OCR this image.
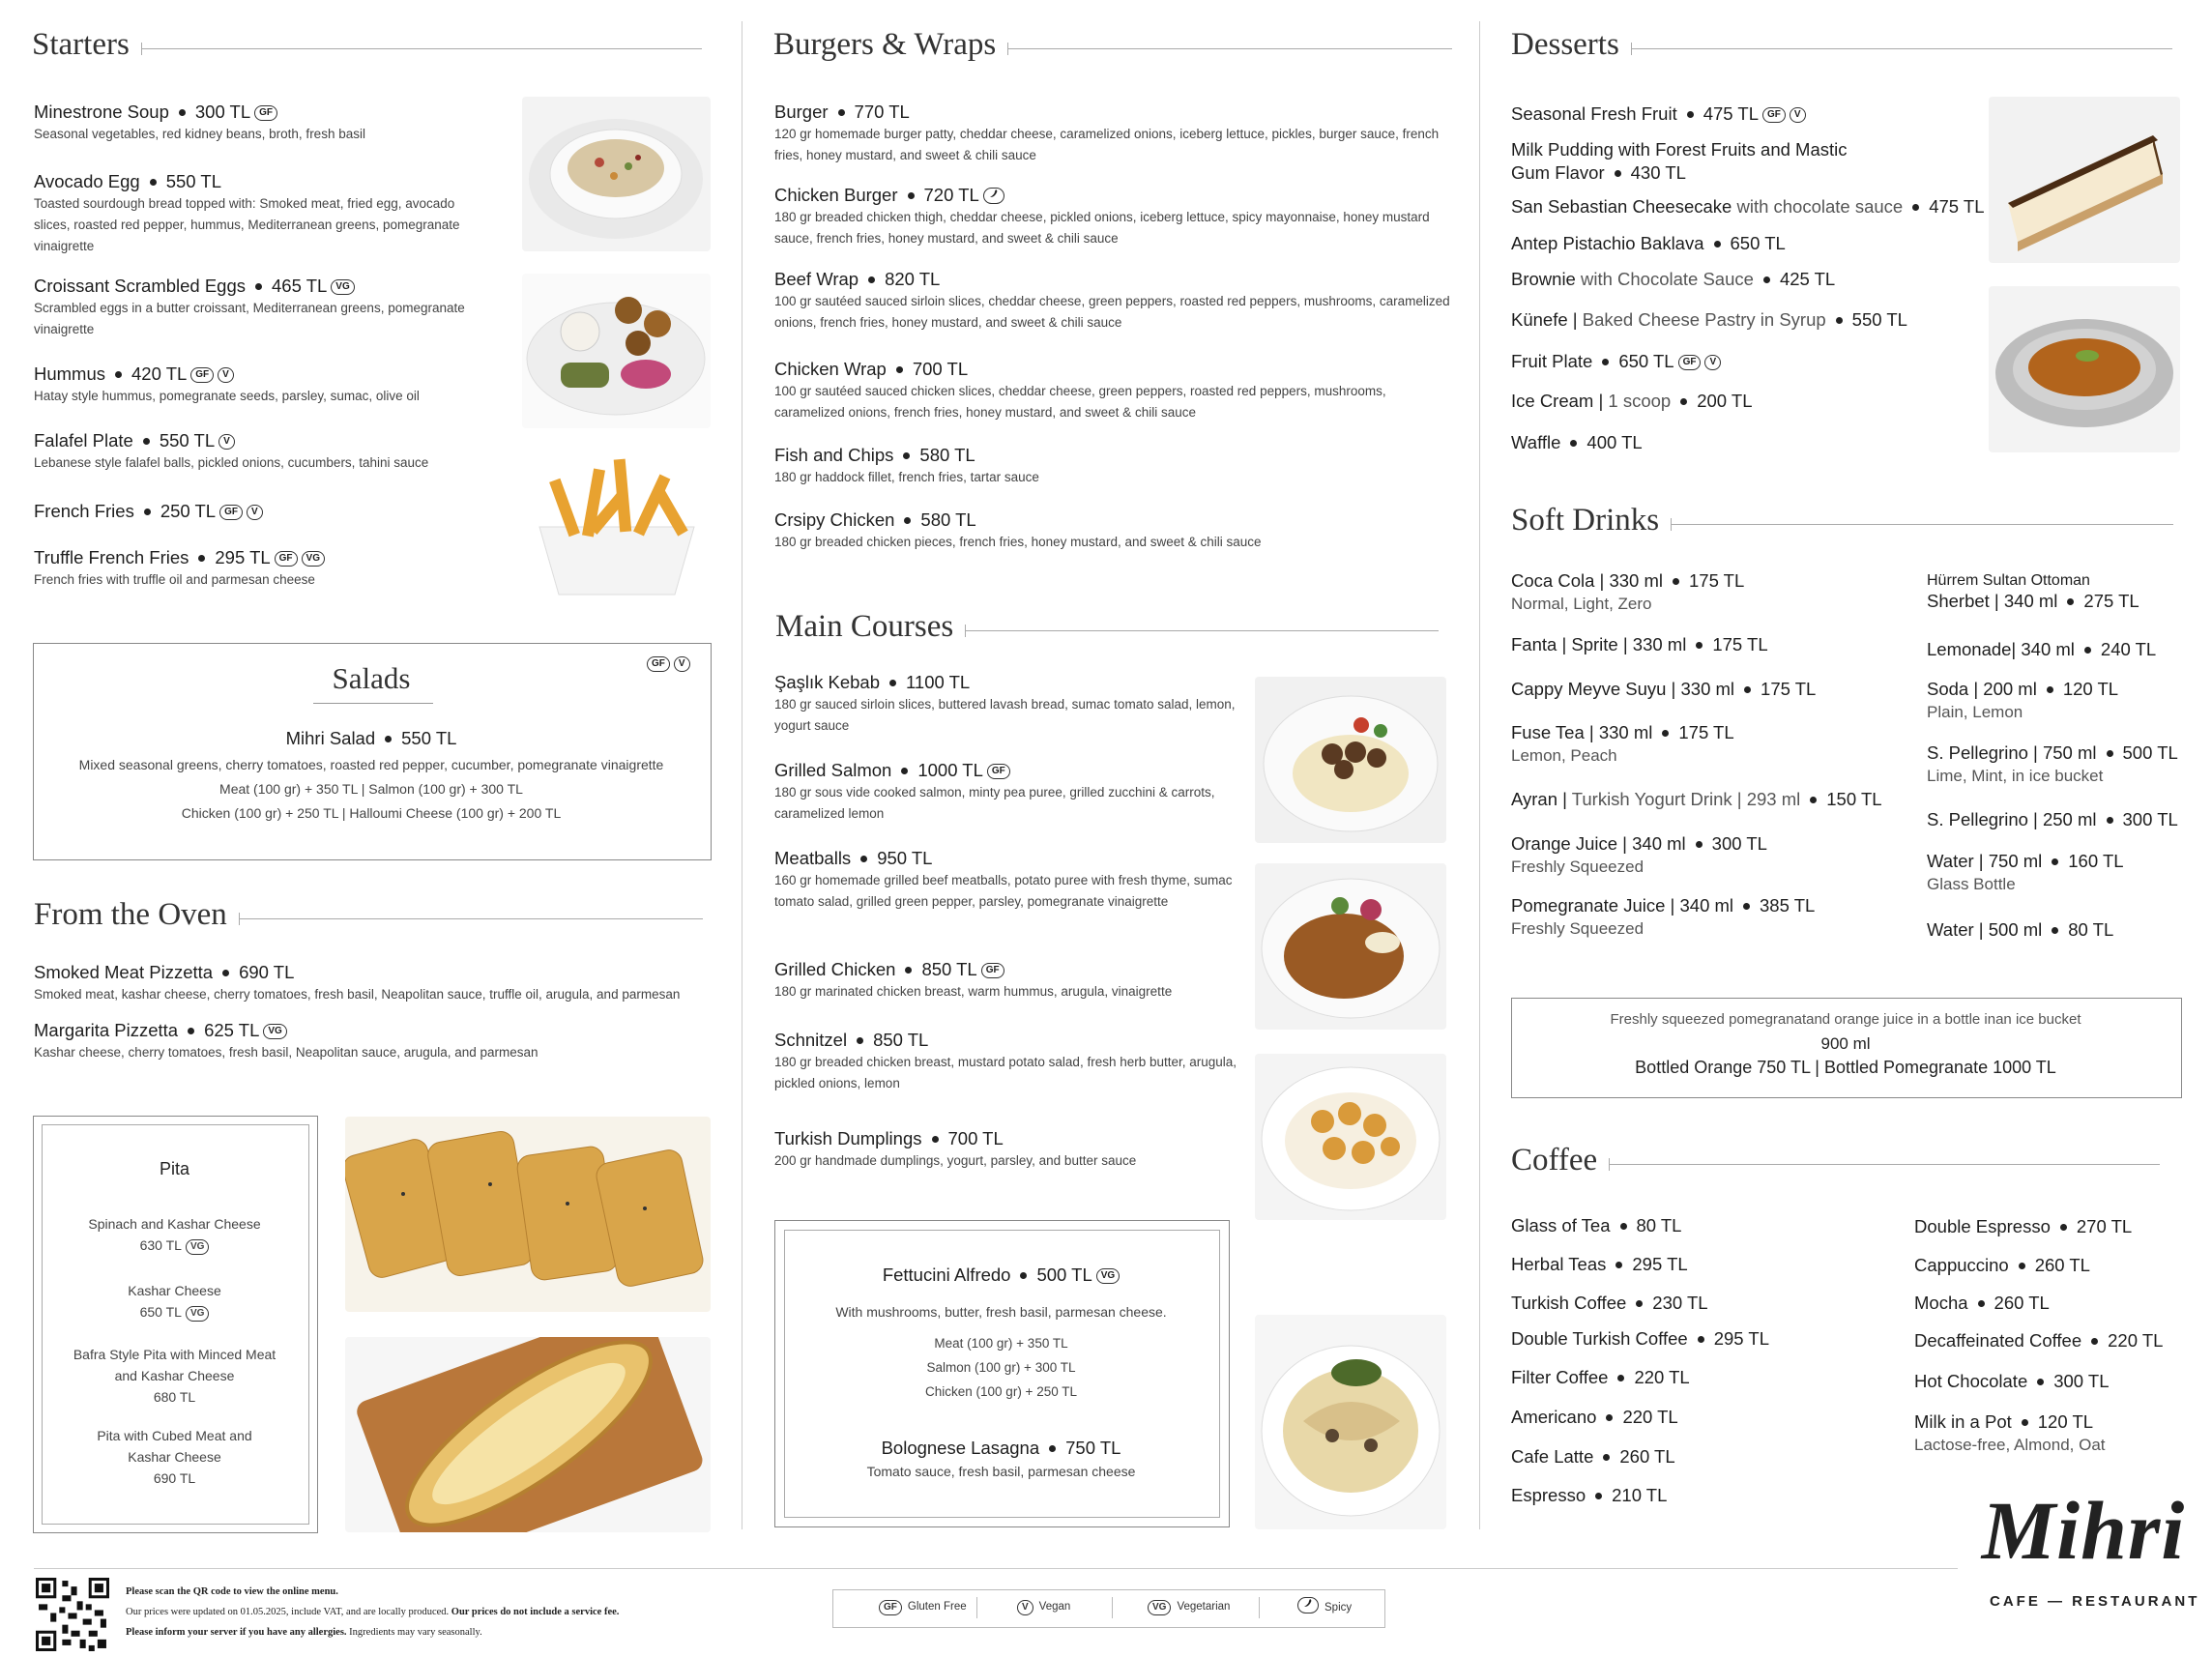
Starters
Minestrone Soup 300 TL GF
Seasonal vegetables, red kidney beans, broth, fresh basil
Avocado Egg 550 TL
Toasted sourdough bread topped with: Smoked meat, fried egg, avocado slices, roasted red pepper, hummus, Mediterranean greens, pomegranate vinaigrette
Croissant Scrambled Eggs 465 TL VG
Scrambled eggs in a butter croissant, Mediterranean greens, pomegranate vinaigrette
Hummus 420 TL GF V
Hatay style hummus, pomegranate seeds, parsley, sumac, olive oil
Falafel Plate 550 TL V
Lebanese style falafel balls, pickled onions, cucumbers, tahini sauce
French Fries 250 TL GF V
Truffle French Fries 295 TL GF VG
French fries with truffle oil and parmesan cheese
GF V
Salads
Mihri Salad 550 TL
Mixed seasonal greens, cherry tomatoes, roasted red pepper, cucumber, pomegranate vinaigrette
Meat (100 gr) + 350 TL | Salmon (100 gr) + 300 TL
Chicken (100 gr) + 250 TL | Halloumi Cheese (100 gr) + 200 TL
From the Oven
Smoked Meat Pizzetta 690 TL
Smoked meat, kashar cheese, cherry tomatoes, fresh basil, Neapolitan sauce, truffle oil, arugula, and parmesan
Margarita Pizzetta 625 TL VG
Kashar cheese, cherry tomatoes, fresh basil, Neapolitan sauce, arugula, and parmesan
Pita
Spinach and Kashar Cheese
630 TL VG
Kashar Cheese
650 TL VG
Bafra Style Pita with Minced Meat
and Kashar Cheese
680 TL
Pita with Cubed Meat and
Kashar Cheese
690 TL
Burgers & Wraps
Burger 770 TL
120 gr homemade burger patty, cheddar cheese, caramelized onions, iceberg lettuce, pickles, burger sauce, french fries, honey mustard, and sweet & chili sauce
Chicken Burger 720 TL
180 gr breaded chicken thigh, cheddar cheese, pickled onions, iceberg lettuce, spicy mayonnaise, honey mustard sauce, french fries, honey mustard, and sweet & chili sauce
Beef Wrap 820 TL
100 gr sautéed sauced sirloin slices, cheddar cheese, green peppers, roasted red peppers, mushrooms, caramelized onions, french fries, honey mustard, and sweet & chili sauce
Chicken Wrap 700 TL
100 gr sautéed sauced chicken slices, cheddar cheese, green peppers, roasted red peppers, mushrooms, caramelized onions, french fries, honey mustard, and sweet & chili sauce
Fish and Chips 580 TL
180 gr haddock fillet, french fries, tartar sauce
Crsipy Chicken 580 TL
180 gr breaded chicken pieces, french fries, honey mustard, and sweet & chili sauce
Main Courses
Şaşlık Kebab 1100 TL
180 gr sauced sirloin slices, buttered lavash bread, sumac tomato salad, lemon, yogurt sauce
Grilled Salmon 1000 TL GF
180 gr sous vide cooked salmon, minty pea puree, grilled zucchini & carrots, caramelized lemon
Meatballs 950 TL
160 gr homemade grilled beef meatballs, potato puree with fresh thyme, sumac tomato salad, grilled green pepper, parsley, pomegranate vinaigrette
Grilled Chicken 850 TL GF
180 gr marinated chicken breast, warm hummus, arugula, vinaigrette
Schnitzel 850 TL
180 gr breaded chicken breast, mustard potato salad, fresh herb butter, arugula, pickled onions, lemon
Turkish Dumplings 700 TL
200 gr handmade dumplings, yogurt, parsley, and butter sauce
Fettucini Alfredo 500 TL VG
With mushrooms, butter, fresh basil, parmesan cheese.
Meat (100 gr) + 350 TL
Salmon (100 gr) + 300 TL
Chicken (100 gr) + 250 TL
Bolognese Lasagna 750 TL
Tomato sauce, fresh basil, parmesan cheese
Desserts
Seasonal Fresh Fruit 475 TL GF V
Milk Pudding with Forest Fruits and Mastic
Gum Flavor 430 TL
San Sebastian Cheesecake with chocolate sauce 475 TL
Antep Pistachio Baklava 650 TL
Brownie with Chocolate Sauce 425 TL
Künefe | Baked Cheese Pastry in Syrup 550 TL
Fruit Plate 650 TL GF V
Ice Cream | 1 scoop 200 TL
Waffle 400 TL
Soft Drinks
Coca Cola | 330 ml 175 TL
Normal, Light, Zero
Fanta | Sprite | 330 ml 175 TL
Cappy Meyve Suyu | 330 ml 175 TL
Fuse Tea | 330 ml 175 TL
Lemon, Peach
Ayran | Turkish Yogurt Drink | 293 ml 150 TL
Orange Juice | 340 ml 300 TL
Freshly Squeezed
Pomegranate Juice | 340 ml 385 TL
Freshly Squeezed
Hürrem Sultan Ottoman
Sherbet | 340 ml 275 TL
Lemonade| 340 ml 240 TL
Soda | 200 ml 120 TL
Plain, Lemon
S. Pellegrino | 750 ml 500 TL
Lime, Mint, in ice bucket
S. Pellegrino | 250 ml 300 TL
Water | 750 ml 160 TL
Glass Bottle
Water | 500 ml 80 TL
Freshly squeezed pomegranatand orange juice in a bottle inan ice bucket
900 ml
Bottled Orange 750 TL | Bottled Pomegranate 1000 TL
Coffee
Glass of Tea 80 TL
Herbal Teas 295 TL
Turkish Coffee 230 TL
Double Turkish Coffee 295 TL
Filter Coffee 220 TL
Americano 220 TL
Cafe Latte 260 TL
Espresso 210 TL
Double Espresso 270 TL
Cappuccino 260 TL
Mocha 260 TL
Decaffeinated Coffee 220 TL
Hot Chocolate 300 TL
Milk in a Pot 120 TL
Lactose-free, Almond, Oat
Mihri
CAFE — RESTAURANT
Please scan the QR code to view the online menu.
Our prices were updated on 01.05.2025, include VAT, and are locally produced. Our prices do not include a service fee.
Please inform your server if you have any allergies. Ingredients may vary seasonally.
GF Gluten Free	V Vegan	VG Vegetarian	Spicy
